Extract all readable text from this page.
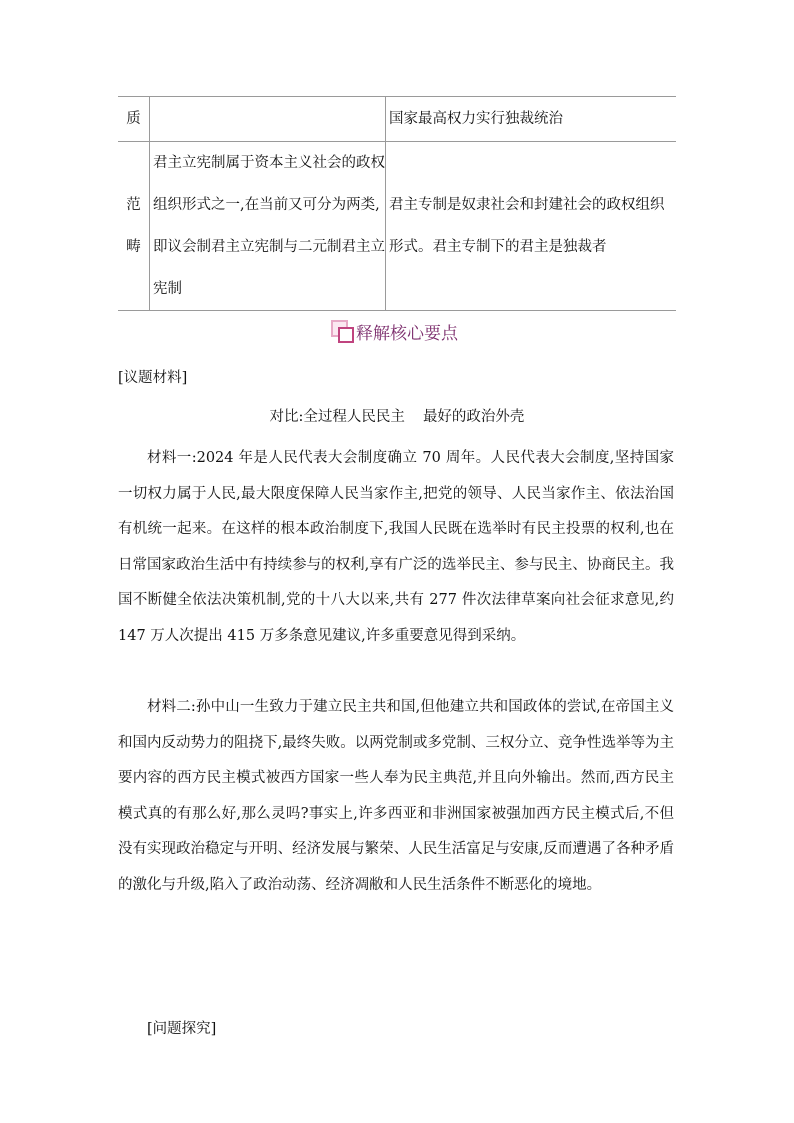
质		国家最高权力实行独裁统治
范畴	君主立宪制属于资本主义社会的政权组织形式之一,在当前又可分为两类,即议会制君主立宪制与二元制君主立宪制	君主专制是奴隶社会和封建社会的政权组织形式。君主专制下的君主是独裁者
释解核心要点
[议题材料]
对比:全过程人民民主 最好的政治外壳

材料一:2024 年是人民代表大会制度确立 70 周年。人民代表大会制度,坚持国家一切权力属于人民,最大限度保障人民当家作主,把党的领导、人民当家作主、依法治国有机统一起来。在这样的根本政治制度下,我国人民既在选举时有民主投票的权利,也在日常国家政治生活中有持续参与的权利,享有广泛的选举民主、参与民主、协商民主。我国不断健全依法决策机制,党的十八大以来,共有 277 件次法律草案向社会征求意见,约 147 万人次提出 415 万多条意见建议,许多重要意见得到采纳。

材料二:孙中山一生致力于建立民主共和国,但他建立共和国政体的尝试,在帝国主义和国内反动势力的阻挠下,最终失败。以两党制或多党制、三权分立、竞争性选举等为主要内容的西方民主模式被西方国家一些人奉为民主典范,并且向外输出。然而,西方民主模式真的有那么好,那么灵吗?事实上,许多西亚和非洲国家被强加西方民主模式后,不但没有实现政治稳定与开明、经济发展与繁荣、人民生活富足与安康,反而遭遇了各种矛盾的激化与升级,陷入了政治动荡、经济凋敝和人民生活条件不断恶化的境地。

[问题探究]
